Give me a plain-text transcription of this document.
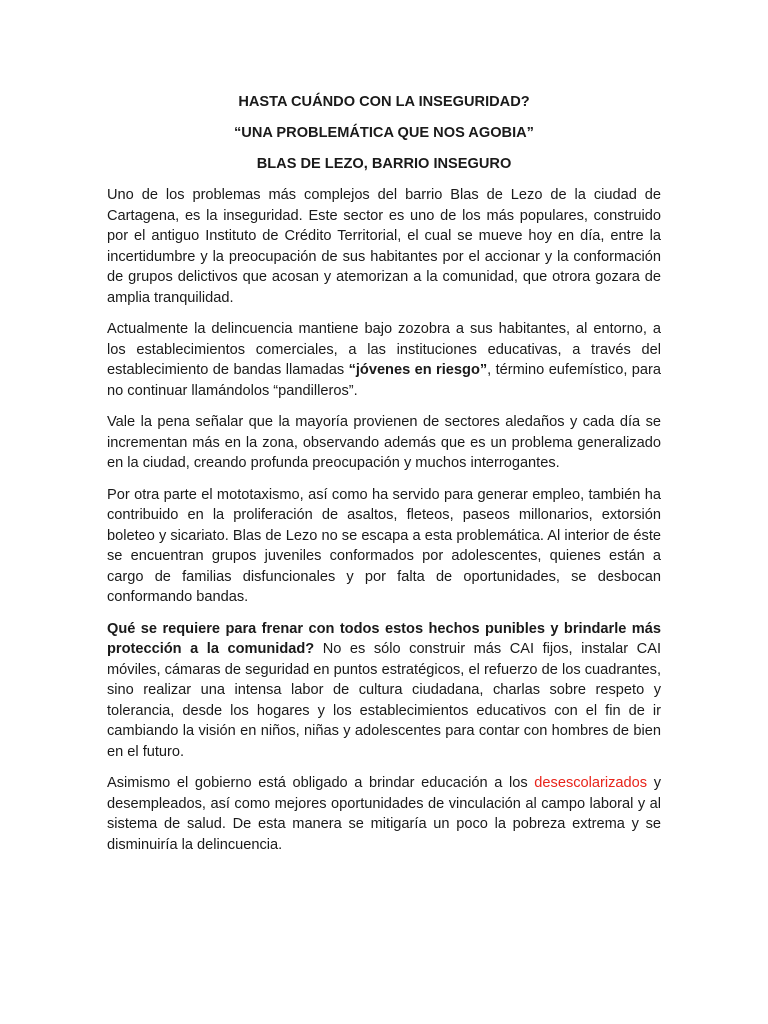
HASTA CUÁNDO CON LA INSEGURIDAD?
“UNA PROBLEMÁTICA QUE NOS AGOBIA”
BLAS DE LEZO, BARRIO INSEGURO

Uno de los problemas más complejos del barrio Blas de Lezo de la ciudad de Cartagena, es la inseguridad. Este sector es uno de los más populares, construido por el antiguo Instituto de Crédito Territorial, el cual se mueve hoy en día, entre la incertidumbre y la preocupación de sus habitantes por el accionar y la conformación de grupos delictivos que acosan y atemorizan a la comunidad, que otrora gozara de amplia tranquilidad.

Actualmente la delincuencia mantiene bajo zozobra a sus habitantes, al entorno, a los establecimientos comerciales, a las instituciones educativas, a través del establecimiento de bandas llamadas “jóvenes en riesgo”, término eufemístico, para no continuar llamándolos “pandilleros”.

Vale la pena señalar que la mayoría provienen de sectores aledaños y cada día se incrementan más en la zona, observando además que es un problema generalizado en la ciudad, creando profunda preocupación y muchos interrogantes.

Por otra parte el mototaxismo, así como ha servido para generar empleo, también ha contribuido en la proliferación de asaltos, fleteos, paseos millonarios, extorsión boleteo y sicariato. Blas de Lezo no se escapa a esta problemática. Al interior de éste se encuentran grupos juveniles conformados por adolescentes, quienes están a cargo de familias disfuncionales y por falta de oportunidades, se desbocan conformando bandas.

Qué se requiere para frenar con todos estos hechos punibles y brindarle más protección a la comunidad? No es sólo construir más CAI fijos, instalar CAI móviles, cámaras de seguridad en puntos estratégicos, el refuerzo de los cuadrantes, sino realizar una intensa labor de cultura ciudadana, charlas sobre respeto y tolerancia, desde los hogares y los establecimientos educativos con el fin de ir cambiando la visión en niños, niñas y adolescentes para contar con hombres de bien en el futuro.

Asimismo el gobierno está obligado a brindar educación a los desescolarizados y desempleados, así como mejores oportunidades de vinculación al campo laboral y al sistema de salud. De esta manera se mitigaría un poco la pobreza extrema y se disminuiría la delincuencia.
